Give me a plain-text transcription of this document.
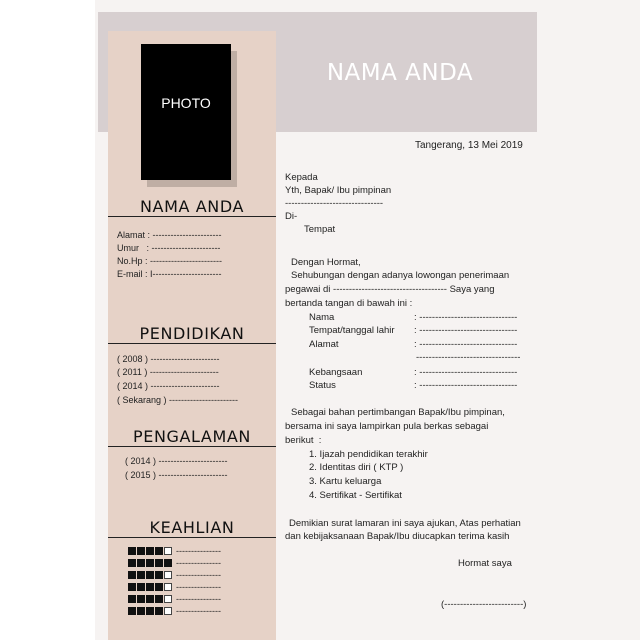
NAMA ANDA
PHOTO
NAMA ANDA
Alamat : -----------------------
Umur   : -----------------------
No.Hp : ------------------------
E-mail : I-----------------------
PENDIDIKAN
( 2008 ) -----------------------
( 2011 ) -----------------------
( 2014 ) -----------------------
( Sekarang ) -----------------------
PENGALAMAN
( 2014 ) -----------------------
( 2015 ) -----------------------
KEAHLIAN
---------------
---------------
---------------
---------------
---------------
---------------
Tangerang, 13 Mei 2019
Kepada
Yth, Bapak/ Ibu pimpinan
-------------------------------
Di-
Tempat
Dengan Hormat,
Sehubungan dengan adanya lowongan penerimaan
pegawai di ------------------------------------ Saya yang
bertanda tangan di bawah ini :
Nama	: -------------------------------
Tempat/tanggal lahir : -------------------------------
Alamat	: -------------------------------
---------------------------------
Kebangsaan	: -------------------------------
Status	: -------------------------------
Sebagai bahan pertimbangan Bapak/Ibu pimpinan,
bersama ini saya lampirkan pula berkas sebagai
berikut  :
1. Ijazah pendidikan terakhir
2. Identitas diri ( KTP )
3. Kartu keluarga
4. Sertifikat - Sertifikat
Demikian surat lamaran ini saya ajukan, Atas perhatian
dan kebijaksanaan Bapak/Ibu diucapkan terima kasih
Hormat saya
(-------------------------)
